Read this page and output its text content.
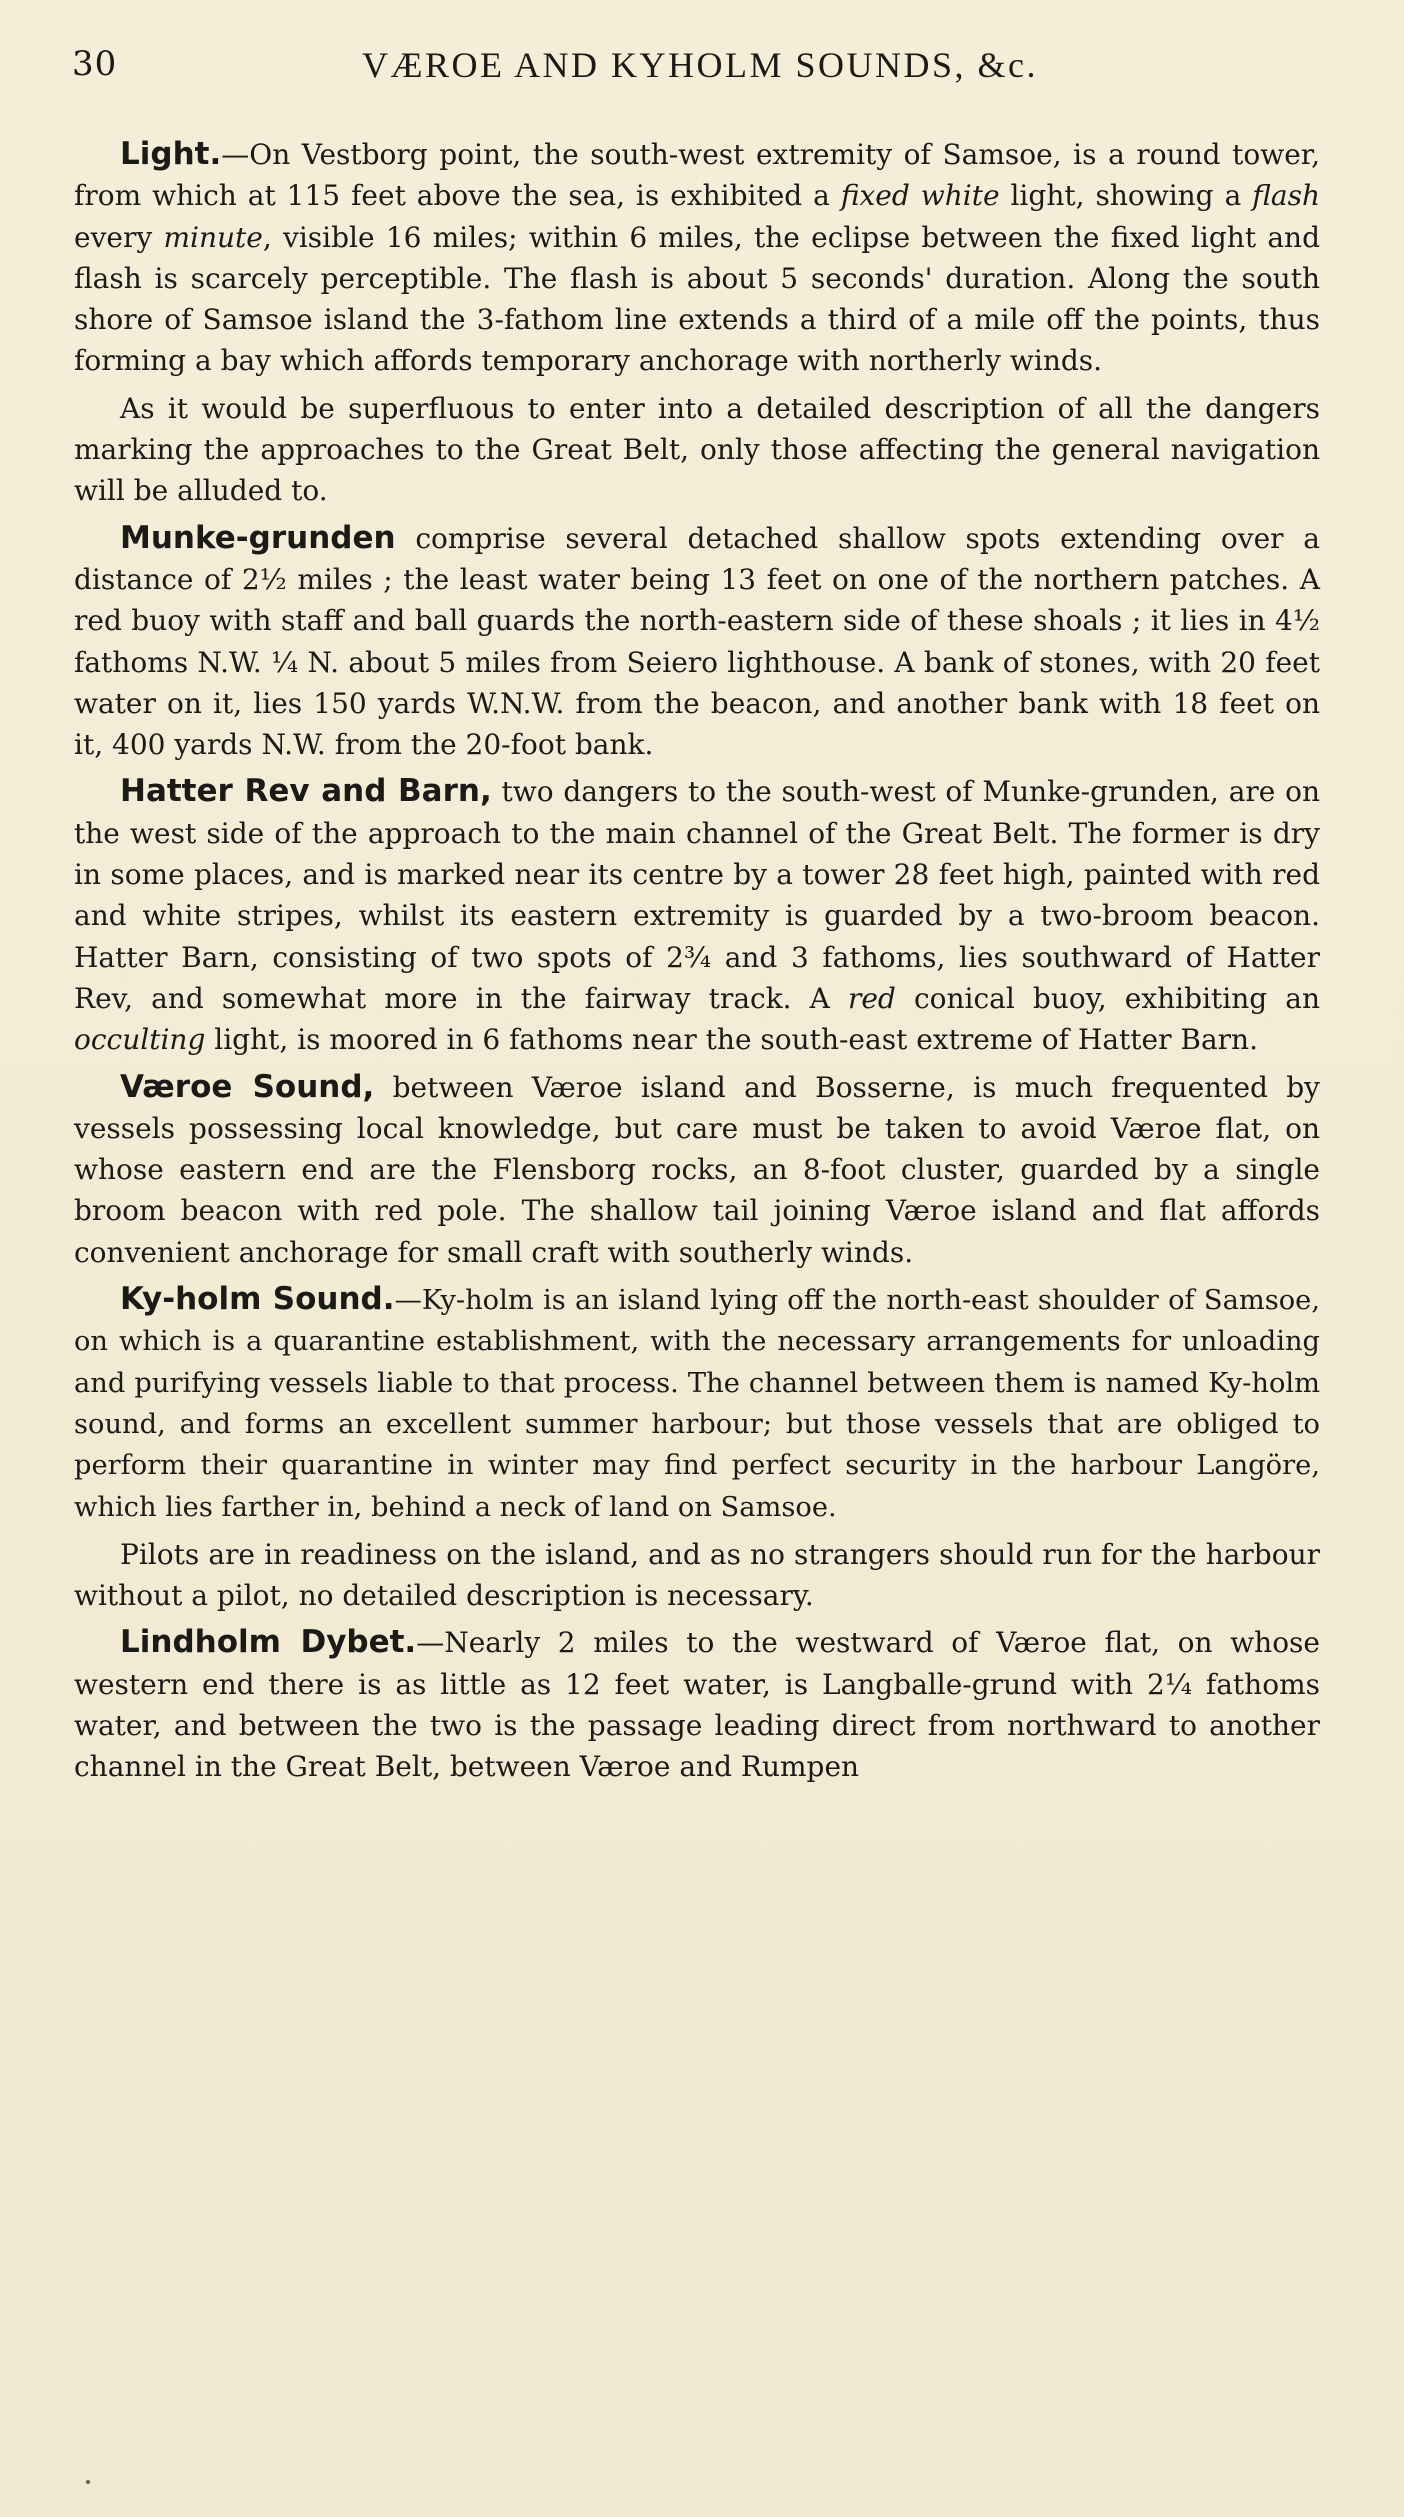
30	VÆROE AND KYHOLM SOUNDS, &c.

Light.—On Vestborg point, the south-west extremity of Samsoe, is a round tower, from which at 115 feet above the sea, is exhibited a fixed white light, showing a flash every minute, visible 16 miles; within 6 miles, the eclipse between the fixed light and flash is scarcely perceptible. The flash is about 5 seconds' duration. Along the south shore of Samsoe island the 3-fathom line extends a third of a mile off the points, thus forming a bay which affords temporary anchorage with northerly winds.

As it would be superfluous to enter into a detailed description of all the dangers marking the approaches to the Great Belt, only those affecting the general navigation will be alluded to.

Munke-grunden comprise several detached shallow spots extending over a distance of 2½ miles ; the least water being 13 feet on one of the northern patches. A red buoy with staff and ball guards the north-eastern side of these shoals ; it lies in 4½ fathoms N.W. ¼ N. about 5 miles from Seiero lighthouse. A bank of stones, with 20 feet water on it, lies 150 yards W.N.W. from the beacon, and another bank with 18 feet on it, 400 yards N.W. from the 20-foot bank.

Hatter Rev and Barn, two dangers to the south-west of Munke-grunden, are on the west side of the approach to the main channel of the Great Belt. The former is dry in some places, and is marked near its centre by a tower 28 feet high, painted with red and white stripes, whilst its eastern extremity is guarded by a two-broom beacon. Hatter Barn, consisting of two spots of 2¾ and 3 fathoms, lies southward of Hatter Rev, and somewhat more in the fairway track. A red conical buoy, exhibiting an occulting light, is moored in 6 fathoms near the south-east extreme of Hatter Barn.

Væroe Sound, between Væroe island and Bosserne, is much frequented by vessels possessing local knowledge, but care must be taken to avoid Væroe flat, on whose eastern end are the Flensborg rocks, an 8-foot cluster, guarded by a single broom beacon with red pole. The shallow tail joining Væroe island and flat affords convenient anchorage for small craft with southerly winds.

Ky-holm Sound.—Ky-holm is an island lying off the north-east shoulder of Samsoe, on which is a quarantine establishment, with the necessary arrangements for unloading and purifying vessels liable to that process. The channel between them is named Ky-holm sound, and forms an excellent summer harbour; but those vessels that are obliged to perform their quarantine in winter may find perfect security in the harbour Langöre, which lies farther in, behind a neck of land on Samsoe.

Pilots are in readiness on the island, and as no strangers should run for the harbour without a pilot, no detailed description is necessary.

Lindholm Dybet.—Nearly 2 miles to the westward of Væroe flat, on whose western end there is as little as 12 feet water, is Langballe-grund with 2¼ fathoms water, and between the two is the passage leading direct from northward to another channel in the Great Belt, between Væroe and Rumpen
